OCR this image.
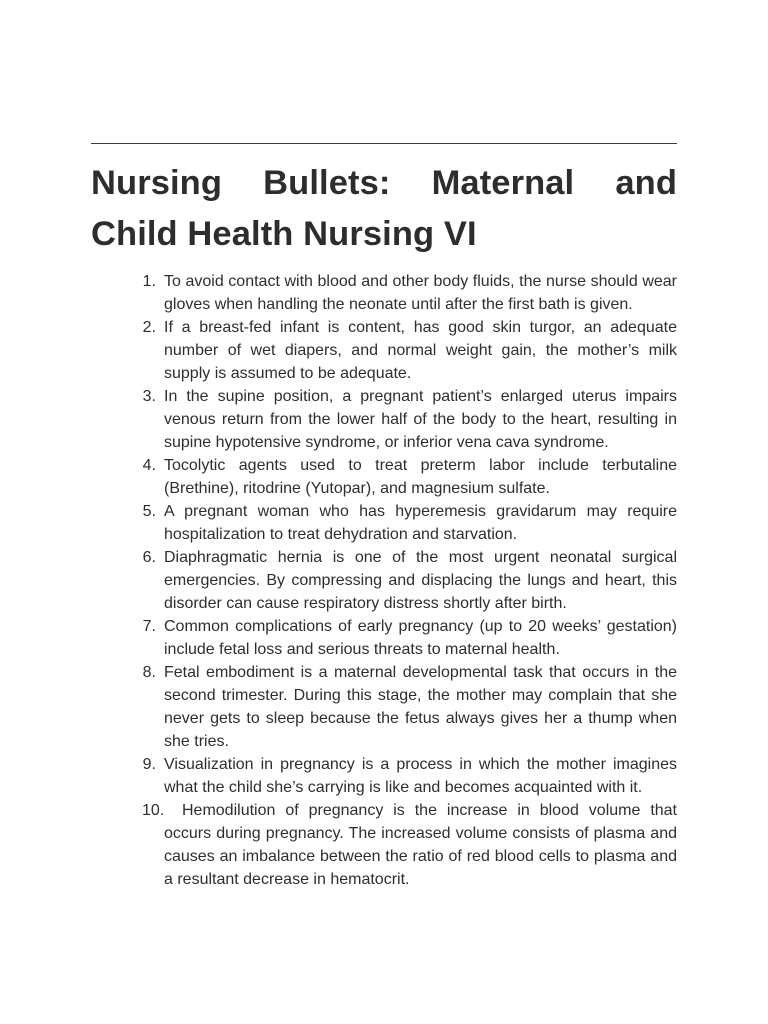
Nursing Bullets: Maternal and Child Health Nursing VI
1. To avoid contact with blood and other body fluids, the nurse should wear gloves when handling the neonate until after the first bath is given.
2. If a breast-fed infant is content, has good skin turgor, an adequate number of wet diapers, and normal weight gain, the mother’s milk supply is assumed to be adequate.
3. In the supine position, a pregnant patient’s enlarged uterus impairs venous return from the lower half of the body to the heart, resulting in supine hypotensive syndrome, or inferior vena cava syndrome.
4. Tocolytic agents used to treat preterm labor include terbutaline (Brethine), ritodrine (Yutopar), and magnesium sulfate.
5. A pregnant woman who has hyperemesis gravidarum may require hospitalization to treat dehydration and starvation.
6. Diaphragmatic hernia is one of the most urgent neonatal surgical emergencies. By compressing and displacing the lungs and heart, this disorder can cause respiratory distress shortly after birth.
7. Common complications of early pregnancy (up to 20 weeks’ gestation) include fetal loss and serious threats to maternal health.
8. Fetal embodiment is a maternal developmental task that occurs in the second trimester. During this stage, the mother may complain that she never gets to sleep because the fetus always gives her a thump when she tries.
9. Visualization in pregnancy is a process in which the mother imagines what the child she’s carrying is like and becomes acquainted with it.
10.	Hemodilution of pregnancy is the increase in blood volume that occurs during pregnancy. The increased volume consists of plasma and causes an imbalance between the ratio of red blood cells to plasma and a resultant decrease in hematocrit.
